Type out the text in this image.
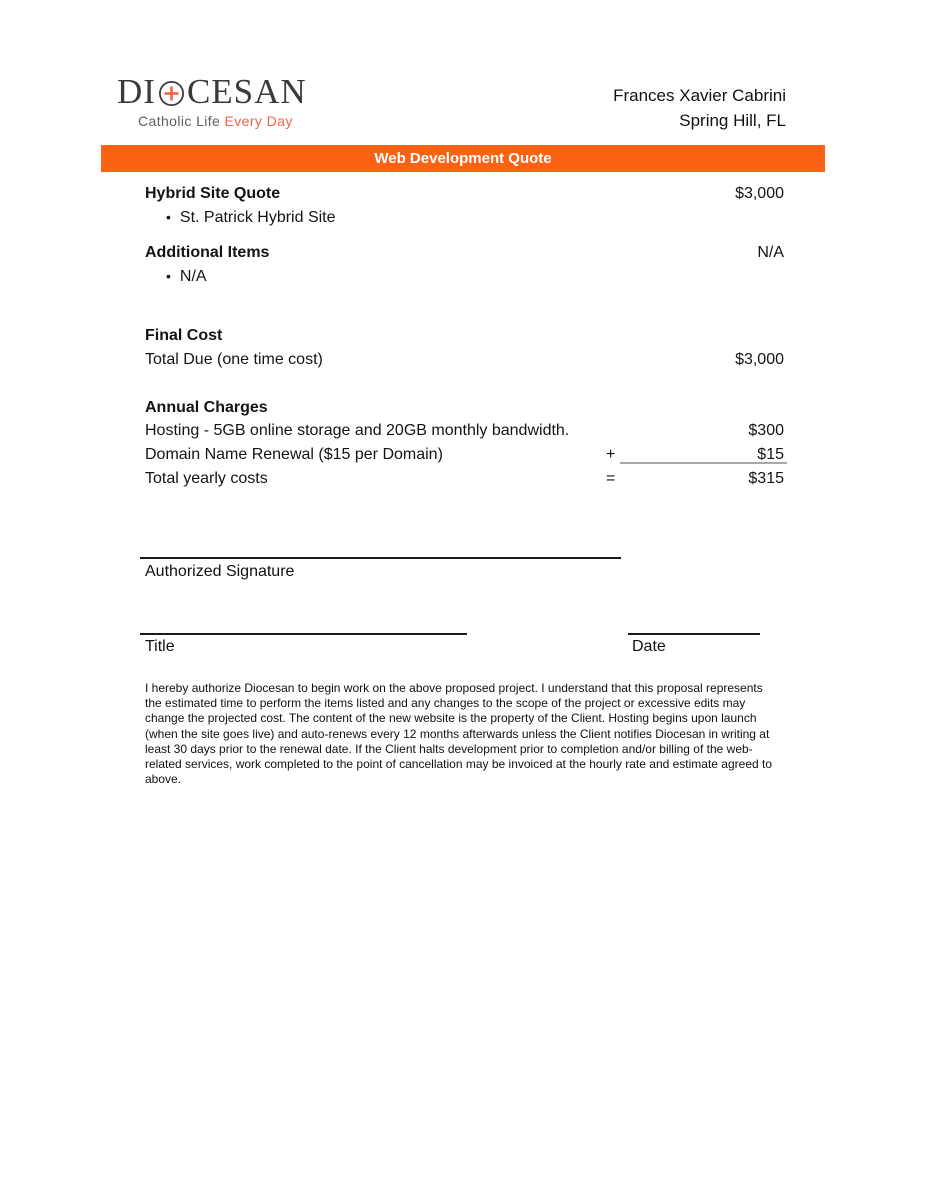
DI CESAN
Catholic Life Every Day
Frances Xavier Cabrini
Spring Hill, FL
Web Development Quote
Hybrid Site Quote	$3,000
• St. Patrick Hybrid Site
Additional Items	N/A
• N/A
Final Cost
Total Due (one time cost)	$3,000
Annual Charges
Hosting - 5GB online storage and 20GB monthly bandwidth.	$300
Domain Name Renewal ($15 per Domain)	+	$15
Total yearly costs	=	$315
Authorized Signature
Title	Date
I hereby authorize Diocesan to begin work on the above proposed project. I understand that this proposal represents the estimated time to perform the items listed and any changes to the scope of the project or excessive edits may change the projected cost. The content of the new website is the property of the Client. Hosting begins upon launch (when the site goes live) and auto-renews every 12 months afterwards unless the Client notifies Diocesan in writing at least 30 days prior to the renewal date. If the Client halts development prior to completion and/or billing of the web-related services, work completed to the point of cancellation may be invoiced at the hourly rate and estimate agreed to above.
